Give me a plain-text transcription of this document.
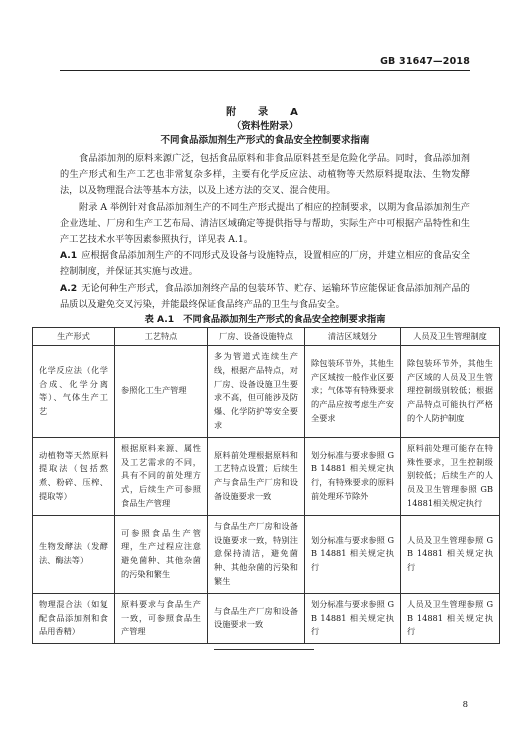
GB 31647—2018
附　录　A
（资料性附录）
不同食品添加剂生产形式的食品安全控制要求指南

食品添加剂的原料来源广泛，包括食品原料和非食品原料甚至是危险化学品。同时，食品添加剂的生产形式和生产工艺也非常复杂多样，主要有化学反应法、动植物等天然原料提取法、生物发酵法，以及物理混合法等基本方法，以及上述方法的交叉、混合使用。

附录 A 举例针对食品添加剂生产的不同生产形式提出了相应的控制要求，以期为食品添加剂生产企业选址、厂房和生产工艺布局、清洁区域确定等提供指导与帮助，实际生产中可根据产品特性和生产工艺技术水平等因素参照执行，详见表 A.1。

A.1 应根据食品添加剂生产的不同形式及设备与设施特点，设置相应的厂房，并建立相应的食品安全控制制度，并保证其实施与改进。

A.2 无论何种生产形式，食品添加剂终产品的包装环节、贮存、运输环节应能保证食品添加剂产品的品质以及避免交叉污染，并能最终保证食品终产品的卫生与食品安全。

表 A.1　不同食品添加剂生产形式的食品安全控制要求指南
生产形式	工艺特点	厂房、设备设施特点	清洁区域划分	人员及卫生管理制度
化学反应法（化学合成、化学分离等）、气体生产工艺	参照化工生产管理	多为管道式连续生产线，根据产品特点，对厂房、设备设施卫生要求不高，但可能涉及防爆、化学防护等安全要求	除包装环节外，其他生产区域按一般作业区要求；气体等有特殊要求的产品应按考虑生产安全要求	除包装环节外，其他生产区域的人员及卫生管理控制级别较低；根据产品特点可能执行严格的个人防护制度
动植物等天然原料提取法（包括熬煮、粉碎、压榨、提取等）	根据原料来源、属性及工艺需求的不同，具有不同的前处理方式，后续生产可参照食品生产管理	原料前处理根据原料和工艺特点设置；后续生产与食品生产厂房和设备设施要求一致	划分标准与要求参照 GB 14881 相关规定执行，有特殊要求的原料前处理环节除外	原料前处理可能存在特殊性要求，卫生控制级别较低；后续生产的人员及卫生管理参照 GB 14881相关规定执行
生物发酵法（发酵法、酶法等）	可参照食品生产管理，生产过程应注意避免菌种、其他杂菌的污染和繁生	与食品生产厂房和设备设施要求一致，特别注意保持清洁，避免菌种、其他杂菌的污染和繁生	划分标准与要求参照 GB 14881 相关规定执行	人员及卫生管理参照 GB 14881 相关规定执行
物理混合法（如复配食品添加剂和食品用香精）	原料要求与食品生产一致，可参照食品生产管理	与食品生产厂房和设备设施要求一致	划分标准与要求参照 GB 14881 相关规定执行	人员及卫生管理参照 GB 14881 相关规定执行
8
